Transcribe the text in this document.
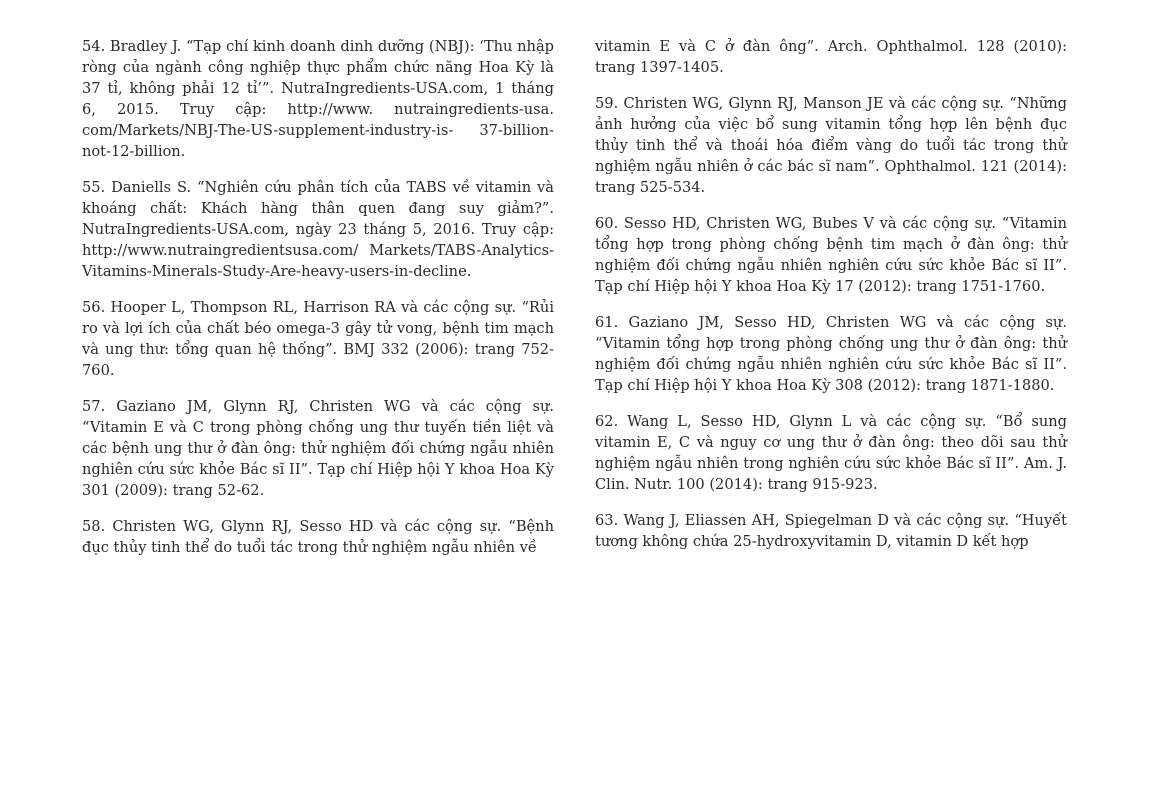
54. Bradley J. “Tạp chí kinh doanh dinh dưỡng (NBJ): ‘Thu nhập ròng của ngành công nghiệp thực phẩm chức năng Hoa Kỳ là 37 tỉ, không phải 12 tỉ’”. NutraIngredients-USA.com, 1 tháng 6, 2015. Truy cập: http://www. nutraingredients-usa. com/Markets/NBJ-The-US-supplement-industry-is- 37-billion-not-12-billion.

55. Daniells S. “Nghiên cứu phân tích của TABS về vitamin và khoáng chất: Khách hàng thân quen đang suy giảm?”. NutraIngredients-USA.com, ngày 23 tháng 5, 2016. Truy cập: http://www.nutraingredientsusa.com/ Markets/TABS-Analytics-Vitamins-Minerals-Study-Are-heavy-users-in-decline.

56. Hooper L, Thompson RL, Harrison RA và các cộng sự. “Rủi ro và lợi ích của chất béo omega-3 gây tử vong, bệnh tim mạch và ung thư: tổng quan hệ thống”. BMJ 332 (2006): trang 752-760.

57. Gaziano JM, Glynn RJ, Christen WG và các cộng sự. “Vitamin E và C trong phòng chống ung thư tuyến tiền liệt và các bệnh ung thư ở đàn ông: thử nghiệm đối chứng ngẫu nhiên nghiên cứu sức khỏe Bác sĩ II”. Tạp chí Hiệp hội Y khoa Hoa Kỳ 301 (2009): trang 52-62.

58. Christen WG, Glynn RJ, Sesso HD và các cộng sự. “Bệnh đục thủy tinh thể do tuổi tác trong thử nghiệm ngẫu nhiên về

vitamin E và C ở đàn ông”. Arch. Ophthalmol. 128 (2010): trang 1397-1405.

59. Christen WG, Glynn RJ, Manson JE và các cộng sự. “Những ảnh hưởng của việc bổ sung vitamin tổng hợp lên bệnh đục thủy tinh thể và thoái hóa điểm vàng do tuổi tác trong thử nghiệm ngẫu nhiên ở các bác sĩ nam”. Ophthalmol. 121 (2014): trang 525-534.

60. Sesso HD, Christen WG, Bubes V và các cộng sự. “Vitamin tổng hợp trong phòng chống bệnh tim mạch ở đàn ông: thử nghiệm đối chứng ngẫu nhiên nghiên cứu sức khỏe Bác sĩ II”. Tạp chí Hiệp hội Y khoa Hoa Kỳ 17 (2012): trang 1751-1760.

61. Gaziano JM, Sesso HD, Christen WG và các cộng sự. “Vitamin tổng hợp trong phòng chống ung thư ở đàn ông: thử nghiệm đối chứng ngẫu nhiên nghiên cứu sức khỏe Bác sĩ II”. Tạp chí Hiệp hội Y khoa Hoa Kỳ 308 (2012): trang 1871-1880.

62. Wang L, Sesso HD, Glynn L và các cộng sự. “Bổ sung vitamin E, C và nguy cơ ung thư ở đàn ông: theo dõi sau thử nghiệm ngẫu nhiên trong nghiên cứu sức khỏe Bác sĩ II”. Am. J. Clin. Nutr. 100 (2014): trang 915-923.

63. Wang J, Eliassen AH, Spiegelman D và các cộng sự. “Huyết tương không chứa 25-hydroxyvitamin D, vitamin D kết hợp
